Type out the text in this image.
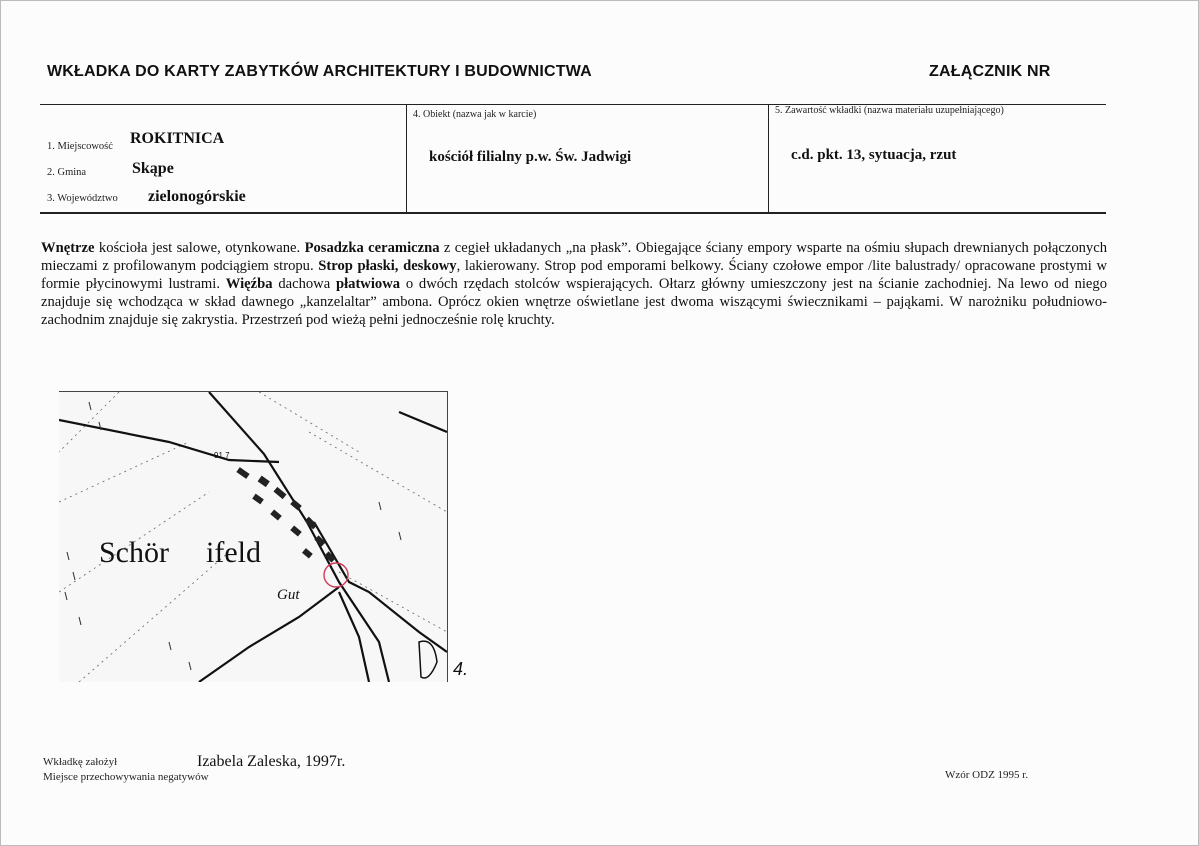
WKŁADKA DO KARTY ZABYTKÓW ARCHITEKTURY I BUDOWNICTWA	ZAŁĄCZNIK NR
1. Miejscowość ROKITNICA
2. Gmina	Skąpe
3. Województwo zielonogórskie
4. Obiekt (nazwa jak w karcie)
kościół filialny p.w. Św. Jadwigi
5. Zawartość wkładki (nazwa materiału uzupełniającego)
c.d. pkt. 13, sytuacja, rzut
Wnętrze kościoła jest salowe, otynkowane. Posadzka ceramiczna z cegieł układanych „na płask”. Obiegające ściany empory wsparte na ośmiu słupach drewnianych połączonych mieczami z profilowanym podciągiem stropu. Strop płaski, deskowy, lakierowany. Strop pod emporami belkowy. Ściany czołowe empor /lite balustrady/ opracowane prostymi w formie płycinowymi lustrami. Więźba dachowa płatwiowa o dwóch rzędach stolców wspierających. Ołtarz główny umieszczony jest na ścianie zachodniej. Na lewo od niego znajduje się wchodząca w skład dawnego „kanzelaltar” ambona. Oprócz okien wnętrze oświetlane jest dwoma wiszącymi świecznikami – pająkami. W narożniku południowo-zachodnim znajduje się zakrystia. Przestrzeń pod wieżą pełni jednocześnie rolę kruchty.
91.7
Schör ifeld
Gut
4.
Wkładkę założył	Izabela Zaleska, 1997r.
Miejsce przechowywania negatywów	Wzór ODZ 1995 r.
